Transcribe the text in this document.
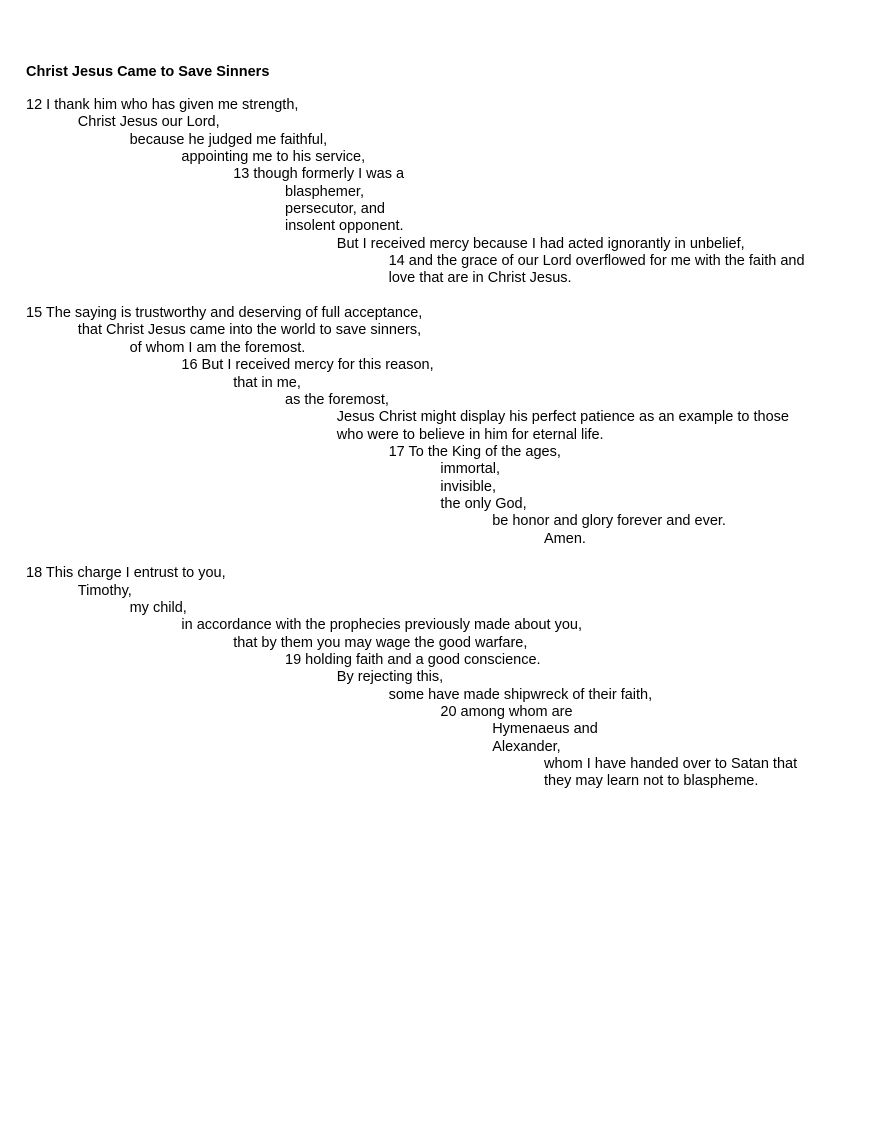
Christ Jesus Came to Save Sinners
12 I thank him who has given me strength,
Christ Jesus our Lord,
because he judged me faithful,
appointing me to his service,
13 though formerly I was a
blasphemer,
persecutor, and
insolent opponent.
But I received mercy because I had acted ignorantly in unbelief,
14 and the grace of our Lord overflowed for me with the faith and
love that are in Christ Jesus.
15 The saying is trustworthy and deserving of full acceptance,
that Christ Jesus came into the world to save sinners,
of whom I am the foremost.
16 But I received mercy for this reason,
that in me,
as the foremost,
Jesus Christ might display his perfect patience as an example to those
who were to believe in him for eternal life.
17 To the King of the ages,
immortal,
invisible,
the only God,
be honor and glory forever and ever.
Amen.
18 This charge I entrust to you,
Timothy,
my child,
in accordance with the prophecies previously made about you,
that by them you may wage the good warfare,
19 holding faith and a good conscience.
By rejecting this,
some have made shipwreck of their faith,
20 among whom are
Hymenaeus and
Alexander,
whom I have handed over to Satan that
they may learn not to blaspheme.
